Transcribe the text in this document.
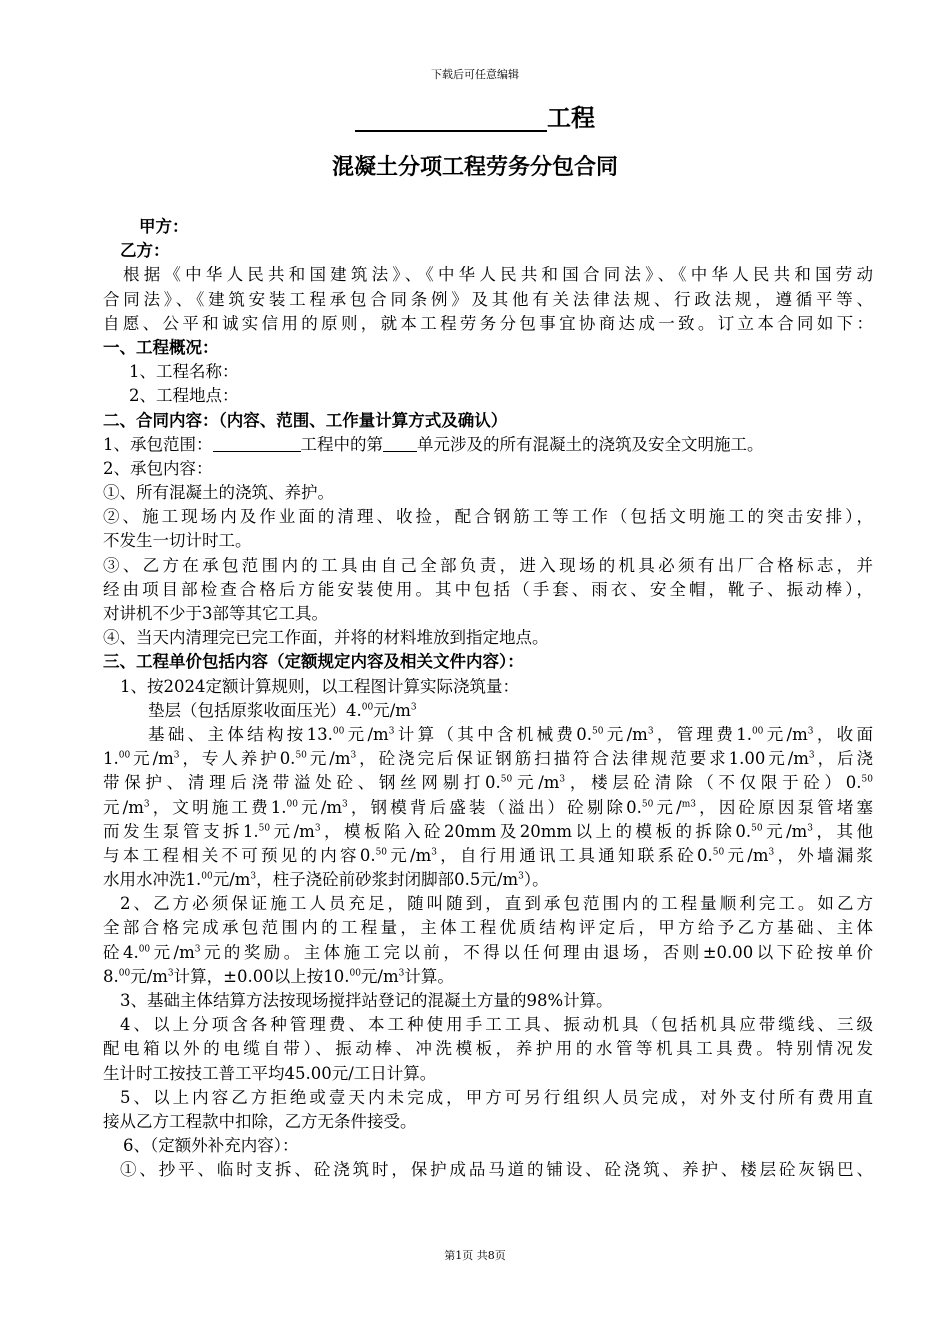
下载后可任意编辑
工程
混凝土分项工程劳务分包合同
甲方：
乙方：
根据《中华人民共和国建筑法》、《中华人民共和国合同法》、《中华人民共和国劳动
合同法》、《建筑安装工程承包合同条例》及其他有关法律法规、行政法规，遵循平等、
自愿、公平和诚实信用的原则，就本工程劳务分包事宜协商达成一致。订立本合同如下：
一、工程概况：
1、工程名称：
2、工程地点：
二、合同内容：（内容、范围、工作量计算方式及确认）
1、承包范围：	工程中的第 单元涉及的所有混凝土的浇筑及安全文明施工。
2、承包内容：
①、所有混凝土的浇筑、养护。
②、施工现场内及作业面的清理、收捡，配合钢筋工等工作（包括文明施工的突击安排），
不发生一切计时工。
③、乙方在承包范围内的工具由自己全部负责，进入现场的机具必须有出厂合格标志，并
经由项目部检查合格后方能安装使用。其中包括（手套、雨衣、安全帽，靴子、振动棒），
对讲机不少于3部等其它工具。
④、当天内清理完已完工作面，并将的材料堆放到指定地点。
三、工程单价包括内容（定额规定内容及相关文件内容）：
1、按2024定额计算规则，以工程图计算实际浇筑量：
垫层（包括原浆收面压光）4.00元$/m^3$
基础、主体结构按13.00元$/m^3$计算（其中含机械费0.50元$/m^3$，管理费1.00元$/m^3$，收面
1.00元$/m^3$，专人养护0.50元$/m^3$，砼浇完后保证钢筋扫描符合法律规范要求1.00元$/m^3$，后浇
带保护、清理后浇带溢处砼、钢丝网剔打0.50元$/m^3$，楼层砼清除（不仅限于砼）0.50
元$/m^3$，文明施工费1.00元$/m^3$，钢模背后盛装（溢出）砼剔除0.50元/$^{m3}$，因砼原因泵管堵塞
而发生泵管支拆1.50元$/m^3$，模板陷入砼20mm及20mm以上的模板的拆除0.50元$/m^3$，其他
与本工程相关不可预见的内容0.50元$/m^3$，自行用通讯工具通知联系砼0.50元$/m^3$，外墙漏浆
水用水冲洗1.00元$/m^3$，柱子浇砼前砂浆封闭脚部0.5元$/m^3$）。
2、乙方必须保证施工人员充足，随叫随到，直到承包范围内的工程量顺利完工。如乙方
全部合格完成承包范围内的工程量，主体工程优质结构评定后，甲方给予乙方基础、主体
砼4.00元$/m^3$元的奖励。主体施工完以前，不得以任何理由退场，否则±0.00以下砼按单价
8.00元$/m^3$计算，±0.00以上按10.00元$/m^3$计算。
3、基础主体结算方法按现场搅拌站登记的混凝土方量的98%计算。
4、以上分项含各种管理费、本工种使用手工工具、振动机具（包括机具应带缆线、三级
配电箱以外的电缆自带）、振动棒、冲洗模板，养护用的水管等机具工具费。特别情况发
生计时工按技工普工平均45.00元/工日计算。
5、以上内容乙方拒绝或壹天内未完成，甲方可另行组织人员完成，对外支付所有费用直
接从乙方工程款中扣除，乙方无条件接受。
6、（定额外补充内容）：
①、抄平、临时支拆、砼浇筑时，保护成品马道的铺设、砼浇筑、养护、楼层砼灰锅巴、
第1页 共8页
